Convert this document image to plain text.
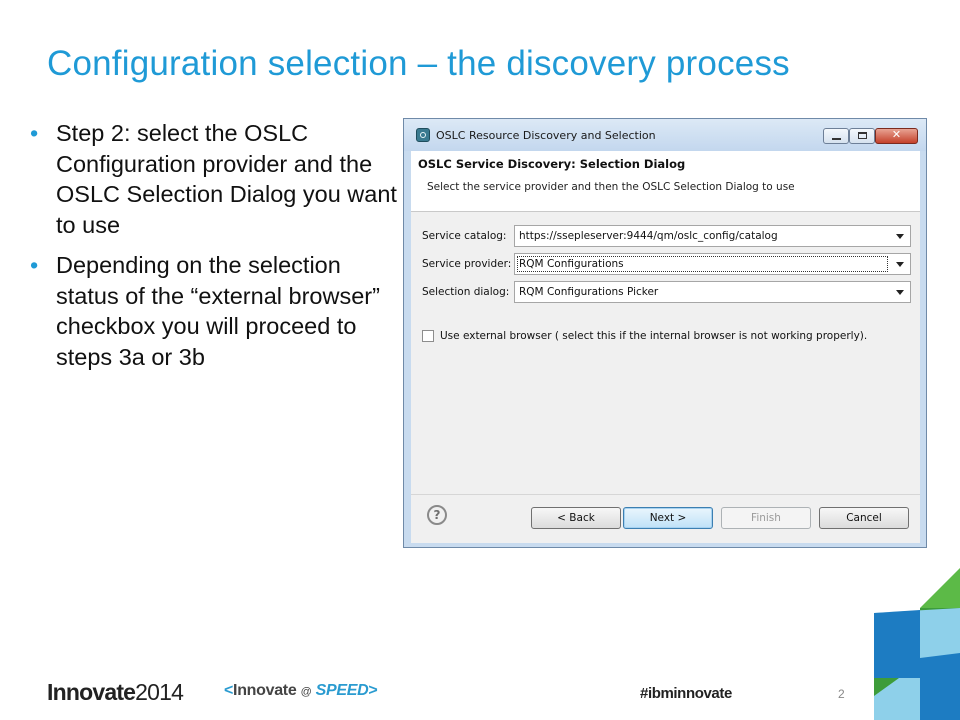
Configuration selection – the discovery process
• Step 2: select the OSLC Configuration provider and the OSLC Selection Dialog you want to use
• Depending on the selection status of the “external browser” checkbox you will proceed to steps 3a or 3b
OSLC Resource Discovery and Selection	✕
OSLC Service Discovery: Selection Dialog
Select the service provider and then the OSLC Selection Dialog to use
Service catalog: https://ssepleserver:9444/qm/oslc_config/catalog
Service provider: RQM Configurations
Selection dialog: RQM Configurations Picker
Use external browser ( select this if the internal browser is not working properly).
?	< Back	Next >	Finish	Cancel
Innovate2014	<Innovate @ SPEED>	#ibminnovate	2
